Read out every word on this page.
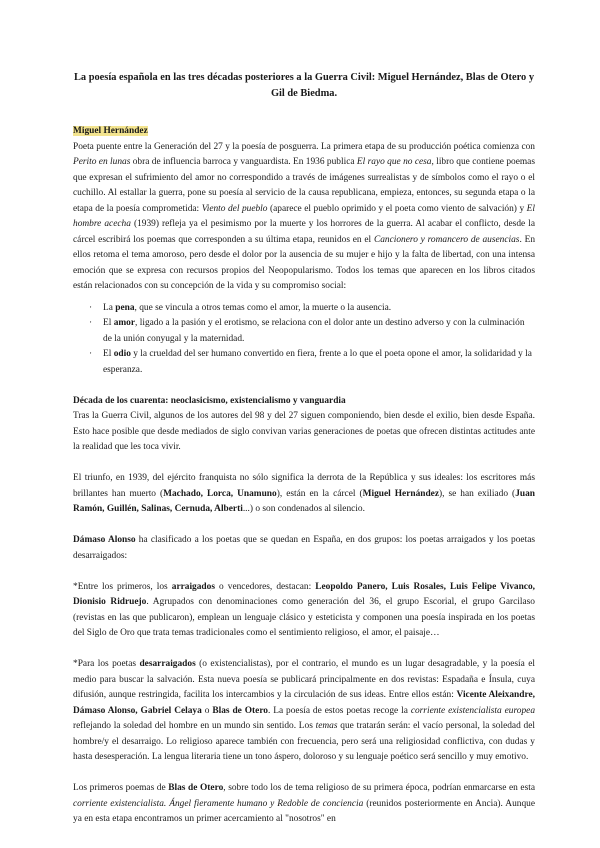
La poesía española en las tres décadas posteriores a la Guerra Civil: Miguel Hernández, Blas de Otero y Gil de Biedma.

Miguel Hernández

Poeta puente entre la Generación del 27 y la poesía de posguerra. La primera etapa de su producción poética comienza con Perito en lunas obra de influencia barroca y vanguardista. En 1936 publica El rayo que no cesa, libro que contiene poemas que expresan el sufrimiento del amor no correspondido a través de imágenes surrealistas y de símbolos como el rayo o el cuchillo. Al estallar la guerra, pone su poesía al servicio de la causa republicana, empieza, entonces, su segunda etapa o la etapa de la poesía comprometida: Viento del pueblo (aparece el pueblo oprimido y el poeta como viento de salvación) y El hombre acecha (1939) refleja ya el pesimismo por la muerte y los horrores de la guerra. Al acabar el conflicto, desde la cárcel escribirá los poemas que corresponden a su última etapa, reunidos en el Cancionero y romancero de ausencias. En ellos retoma el tema amoroso, pero desde el dolor por la ausencia de su mujer e hijo y la falta de libertad, con una intensa emoción que se expresa con recursos propios del Neopopularismo. Todos los temas que aparecen en los libros citados están relacionados con su concepción de la vida y su compromiso social:

· La pena, que se vincula a otros temas como el amor, la muerte o la ausencia.
· El amor, ligado a la pasión y el erotismo, se relaciona con el dolor ante un destino adverso y con la culminación de la unión conyugal y la maternidad.
· El odio y la crueldad del ser humano convertido en fiera, frente a lo que el poeta opone el amor, la solidaridad y la esperanza.

Década de los cuarenta: neoclasicismo, existencialismo y vanguardia

Tras la Guerra Civil, algunos de los autores del 98 y del 27 siguen componiendo, bien desde el exilio, bien desde España. Esto hace posible que desde mediados de siglo convivan varias generaciones de poetas que ofrecen distintas actitudes ante la realidad que les toca vivir.

El triunfo, en 1939, del ejército franquista no sólo significa la derrota de la República y sus ideales: los escritores más brillantes han muerto (Machado, Lorca, Unamuno), están en la cárcel (Miguel Hernández), se han exiliado (Juan Ramón, Guillén, Salinas, Cernuda, Alberti...) o son condenados al silencio.

Dámaso Alonso ha clasificado a los poetas que se quedan en España, en dos grupos: los poetas arraigados y los poetas desarraigados:

*Entre los primeros, los arraigados o vencedores, destacan: Leopoldo Panero, Luis Rosales, Luis Felipe Vivanco, Dionisio Ridruejo. Agrupados con denominaciones como generación del 36, el grupo Escorial, el grupo Garcilaso (revistas en las que publicaron), emplean un lenguaje clásico y esteticista y componen una poesía inspirada en los poetas del Siglo de Oro que trata temas tradicionales como el sentimiento religioso, el amor, el paisaje…

*Para los poetas desarraigados (o existencialistas), por el contrario, el mundo es un lugar desagradable, y la poesía el medio para buscar la salvación. Esta nueva poesía se publicará principalmente en dos revistas: Espadaña e Ínsula, cuya difusión, aunque restringida, facilita los intercambios y la circulación de sus ideas. Entre ellos están: Vicente Aleixandre, Dámaso Alonso, Gabriel Celaya o Blas de Otero. La poesía de estos poetas recoge la corriente existencialista europea reflejando la soledad del hombre en un mundo sin sentido. Los temas que tratarán serán: el vacío personal, la soledad del hombre/y el desarraigo. Lo religioso aparece también con frecuencia, pero será una religiosidad conflictiva, con dudas y hasta desesperación. La lengua literaria tiene un tono áspero, doloroso y su lenguaje poético será sencillo y muy emotivo.

Los primeros poemas de Blas de Otero, sobre todo los de tema religioso de su primera época, podrían enmarcarse en esta corriente existencialista. Ángel fieramente humano y Redoble de conciencia (reunidos posteriormente en Ancia). Aunque ya en esta etapa encontramos un primer acercamiento al "nosotros" en
